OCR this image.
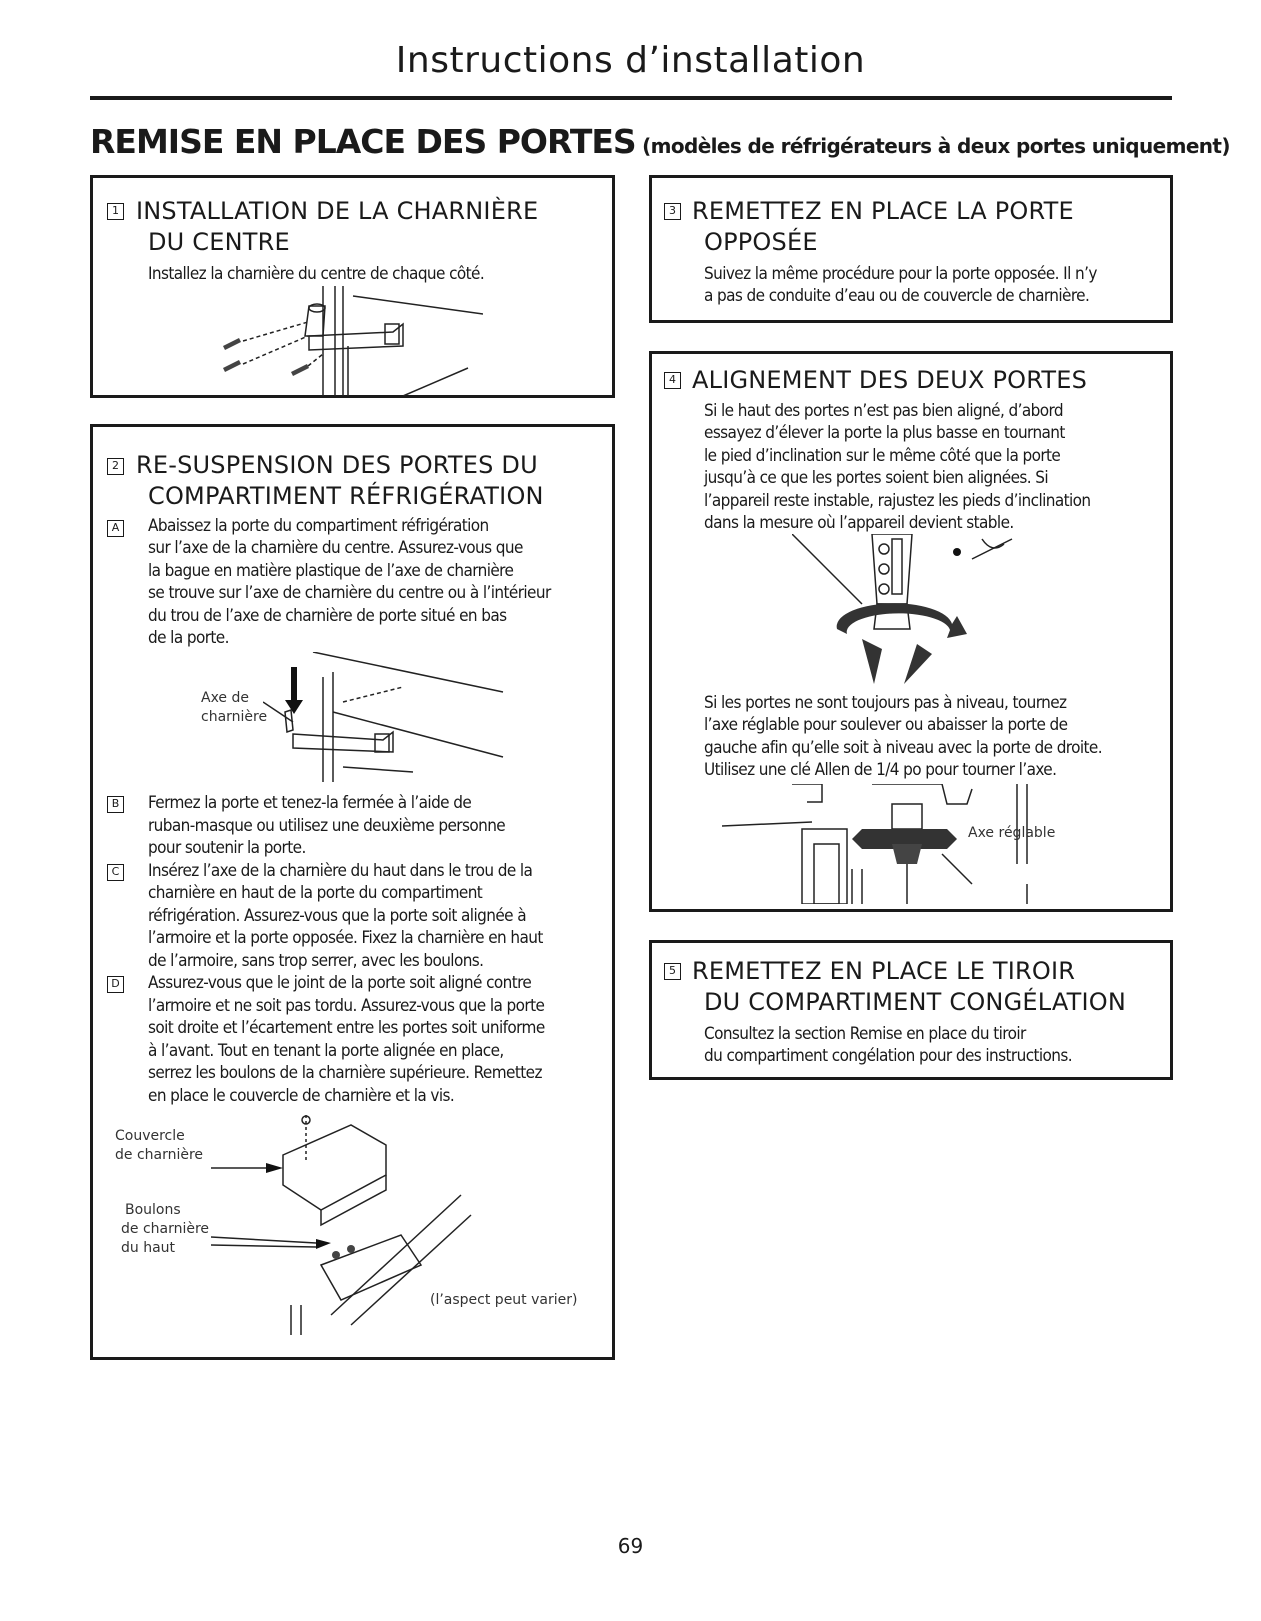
Instructions d’installation
REMISE EN PLACE DES PORTES (modèles de réfrigérateurs à deux portes uniquement)
1 INSTALLATION DE LA CHARNIÈRE
DU CENTRE
Installez la charnière du centre de chaque côté.
2 RE-SUSPENSION DES PORTES DU
COMPARTIMENT RÉFRIGÉRATION
A Abaissez la porte du compartiment réfrigération
sur l’axe de la charnière du centre. Assurez-vous que
la bague en matière plastique de l’axe de charnière
se trouve sur l’axe de charnière du centre ou à l’intérieur
du trou de l’axe de charnière de porte situé en bas
de la porte.
Axe de
charnière
B Fermez la porte et tenez-la fermée à l’aide de
ruban-masque ou utilisez une deuxième personne
pour soutenir la porte.
C Insérez l’axe de la charnière du haut dans le trou de la
charnière en haut de la porte du compartiment
réfrigération. Assurez-vous que la porte soit alignée à
l’armoire et la porte opposée. Fixez la charnière en haut
de l’armoire, sans trop serrer, avec les boulons.
D Assurez-vous que le joint de la porte soit aligné contre
l’armoire et ne soit pas tordu. Assurez-vous que la porte
soit droite et l’écartement entre les portes soit uniforme
à l’avant. Tout en tenant la porte alignée en place,
serrez les boulons de la charnière supérieure. Remettez
en place le couvercle de charnière et la vis.
Couvercle
de charnière
Boulons
de charnière
du haut
(l’aspect peut varier)
3 REMETTEZ EN PLACE LA PORTE
OPPOSÉE
Suivez la même procédure pour la porte opposée. Il n’y
a pas de conduite d’eau ou de couvercle de charnière.
4 ALIGNEMENT DES DEUX PORTES
Si le haut des portes n’est pas bien aligné, d’abord
essayez d’élever la porte la plus basse en tournant
le pied d’inclination sur le même côté que la porte
jusqu’à ce que les portes soient bien alignées. Si
l’appareil reste instable, rajustez les pieds d’inclination
dans la mesure où l’appareil devient stable.
Si les portes ne sont toujours pas à niveau, tournez
l’axe réglable pour soulever ou abaisser la porte de
gauche afin qu’elle soit à niveau avec la porte de droite.
Utilisez une clé Allen de 1/4 po pour tourner l’axe.
Axe réglable
5 REMETTEZ EN PLACE LE TIROIR
DU COMPARTIMENT CONGÉLATION
Consultez la section Remise en place du tiroir
du compartiment congélation pour des instructions.
69
